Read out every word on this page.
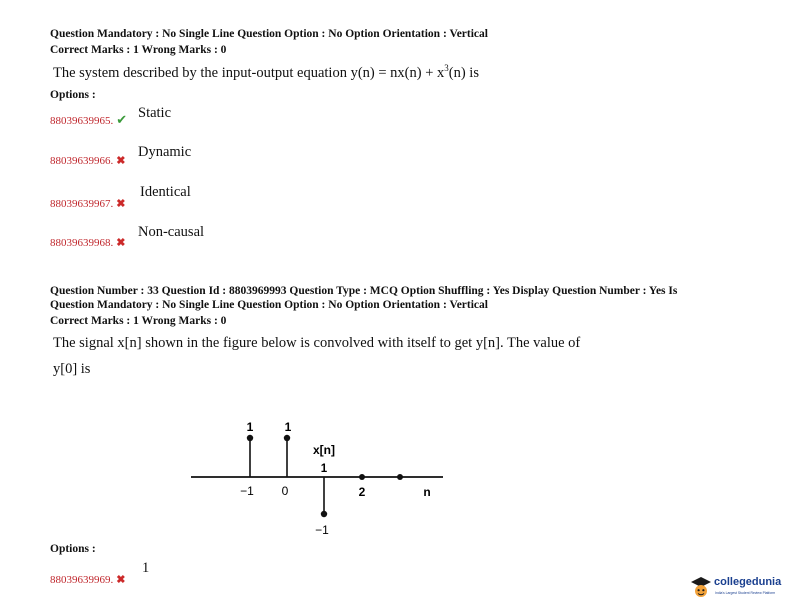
Question Mandatory : No Single Line Question Option : No Option Orientation : Vertical
Correct Marks : 1 Wrong Marks : 0
The system described by the input-output equation $y(n) = nx(n) + x^3(n)$ is
Options :
88039639965. ✔ Static
88039639966. ✖
Dynamic
88039639967. ✖
Identical
88039639968. ✖
Non-causal
Question Number : 33 Question Id : 8803969993 Question Type : MCQ Option Shuffling : Yes Display Question Number : Yes Is
Question Mandatory : No Single Line Question Option : No Option Orientation : Vertical
Correct Marks : 1 Wrong Marks : 0
The signal x[n] shown in the figure below is convolved with itself to get y[n]. The value of
y[0] is
1
−1
1
0
1
−1
x[n]
2	n
Options :
88039639969. ✖
1
collegedunia
India's Largest Student Review Platform
